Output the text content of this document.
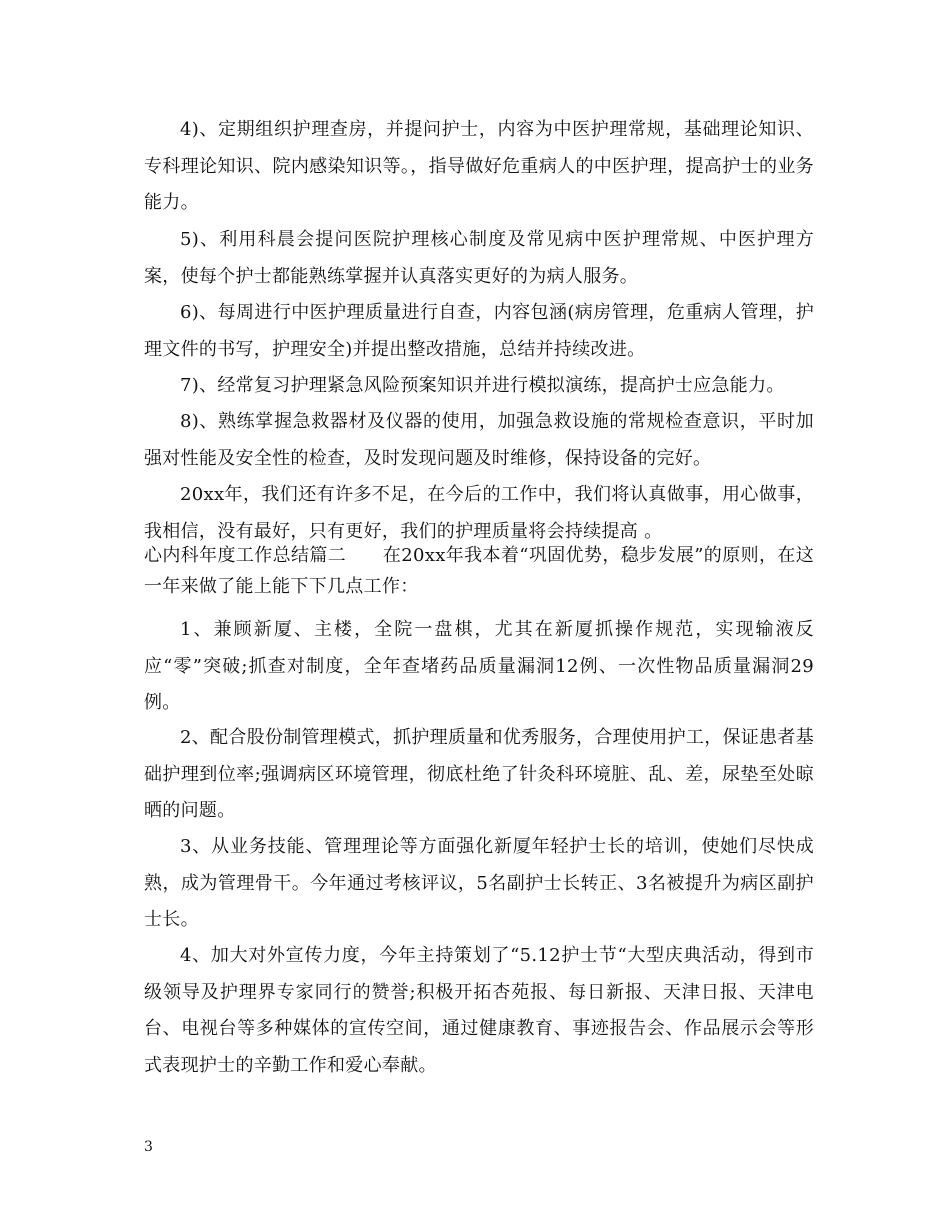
4)、定期组织护理查房，并提问护士，内容为中医护理常规，基础理论知识、专科理论知识、院内感染知识等。，指导做好危重病人的中医护理，提高护士的业务能力。

5)、利用科晨会提问医院护理核心制度及常见病中医护理常规、中医护理方案，使每个护士都能熟练掌握并认真落实更好的为病人服务。

6)、每周进行中医护理质量进行自查，内容包涵(病房管理，危重病人管理，护理文件的书写，护理安全)并提出整改措施，总结并持续改进。

7)、经常复习护理紧急风险预案知识并进行模拟演练，提高护士应急能力。

8)、熟练掌握急救器材及仪器的使用，加强急救设施的常规检查意识，平时加强对性能及安全性的检查，及时发现问题及时维修，保持设备的完好。

20xx年，我们还有许多不足，在今后的工作中，我们将认真做事，用心做事，我相信，没有最好，只有更好，我们的护理质量将会持续提高 。

心内科年度工作总结篇二　　在20xx年我本着“巩固优势，稳步发展”的原则，在这一年来做了能上能下下几点工作：

1、兼顾新厦、主楼，全院一盘棋，尤其在新厦抓操作规范，实现输液反应“零”突破;抓查对制度，全年查堵药品质量漏洞12例、一次性物品质量漏洞29例。

2、配合股份制管理模式，抓护理质量和优秀服务，合理使用护工，保证患者基础护理到位率;强调病区环境管理，彻底杜绝了针灸科环境脏、乱、差，尿垫至处晾晒的问题。

3、从业务技能、管理理论等方面强化新厦年轻护士长的培训，使她们尽快成熟，成为管理骨干。今年通过考核评议，5名副护士长转正、3名被提升为病区副护士长。

4、加大对外宣传力度，今年主持策划了“5.12护士节“大型庆典活动，得到市级领导及护理界专家同行的赞誉;积极开拓杏苑报、每日新报、天津日报、天津电台、电视台等多种媒体的宣传空间，通过健康教育、事迹报告会、作品展示会等形式表现护士的辛勤工作和爱心奉献。

3
